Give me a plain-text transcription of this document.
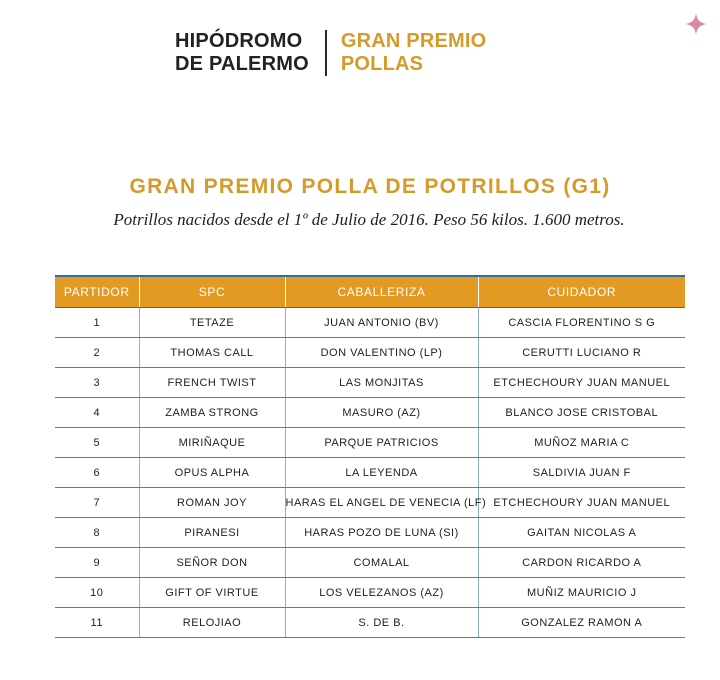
HIPÓDROMO
DE PALERMO
GRAN PREMIO
POLLAS
GRAN PREMIO POLLA DE POTRILLOS (G1)
Potrillos nacidos desde el 1º de Julio de 2016. Peso 56 kilos. 1.600 metros.
PARTIDOR	SPC	CABALLERIZA	CUIDADOR
1	TETAZE	JUAN ANTONIO (BV)	CASCIA FLORENTINO S G
2	THOMAS CALL	DON VALENTINO (LP)	CERUTTI LUCIANO R
3	FRENCH TWIST	LAS MONJITAS	ETCHECHOURY JUAN MANUEL
4	ZAMBA STRONG	MASURO (AZ)	BLANCO JOSE CRISTOBAL
5	MIRIÑAQUE	PARQUE PATRICIOS	MUÑOZ MARIA C
6	OPUS ALPHA	LA LEYENDA	SALDIVIA JUAN F
7	ROMAN JOY	HARAS EL ANGEL DE VENECIA (LF)	ETCHECHOURY JUAN MANUEL
8	PIRANESI	HARAS POZO DE LUNA (SI)	GAITAN NICOLAS A
9	SEÑOR DON	COMALAL	CARDON RICARDO A
10	GIFT OF VIRTUE	LOS VELEZANOS (AZ)	MUÑIZ MAURICIO J
11	RELOJIAO	S. DE B.	GONZALEZ RAMON A
